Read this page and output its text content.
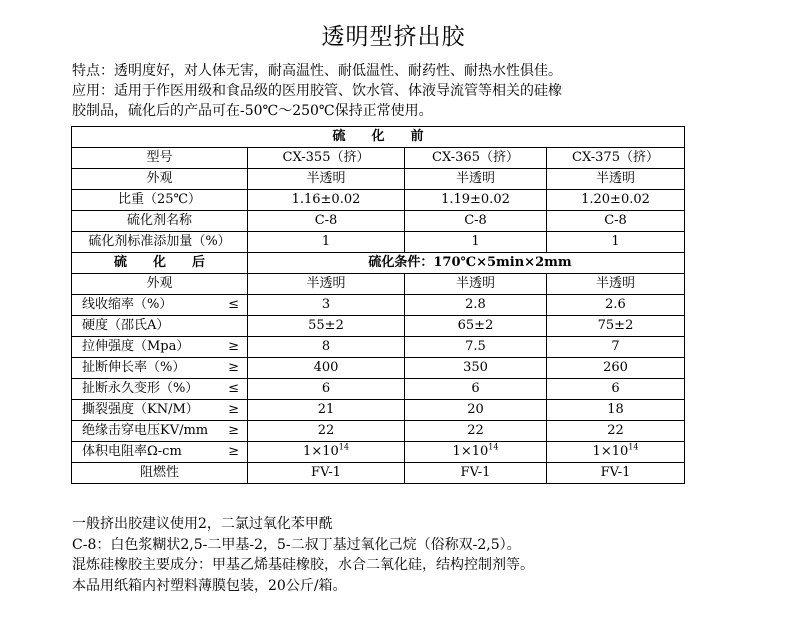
透明型挤出胶

特点：透明度好，对人体无害，耐高温性、耐低温性、耐药性、耐热水性俱佳。

应用：适用于作医用级和食品级的医用胶管、饮水管、体液导流管等相关的硅橡

胶制品，硫化后的产品可在-50℃～250℃保持正常使用。

硫　　化　　前			
型号	CX-355（挤）	CX-365（挤）	CX-375（挤）
外观	半透明	半透明	半透明
比重（25℃）	1.16±0.02	1.19±0.02	1.20±0.02
硫化剂名称	C-8	C-8	C-8
硫化剂标准添加量（%）	1	1	1
硫　　化　　后	硫化条件：170℃×5min×2mm		
外观	半透明	半透明	半透明

线收缩率（%） ≤	3	2.8	2.6

硬度（邵氏A）	55±2	65±2	75±2

拉伸强度（Mpa） ≥	8	7.5	7

扯断伸长率（%） ≥	400	350	260

扯断永久变形（%） ≤	6	6	6

撕裂强度（KN/M） ≥	21	20	18

绝缘击穿电压KV/mm ≥	22	22	22

体积电阻率Ω-cm ≥	$1\times 10^{14}$	$1\times 10^{14}$	$1\times 10^{14}$
阻燃性	FV-1	FV-1	FV-1

一般挤出胶建议使用2，二氯过氧化苯甲酰

C-8：白色浆糊状2,5-二甲基-2，5-二叔丁基过氧化己烷（俗称双-2,5）。

混炼硅橡胶主要成分：甲基乙烯基硅橡胶，水合二氧化硅，结构控制剂等。

本品用纸箱内衬塑料薄膜包装，20公斤/箱。
